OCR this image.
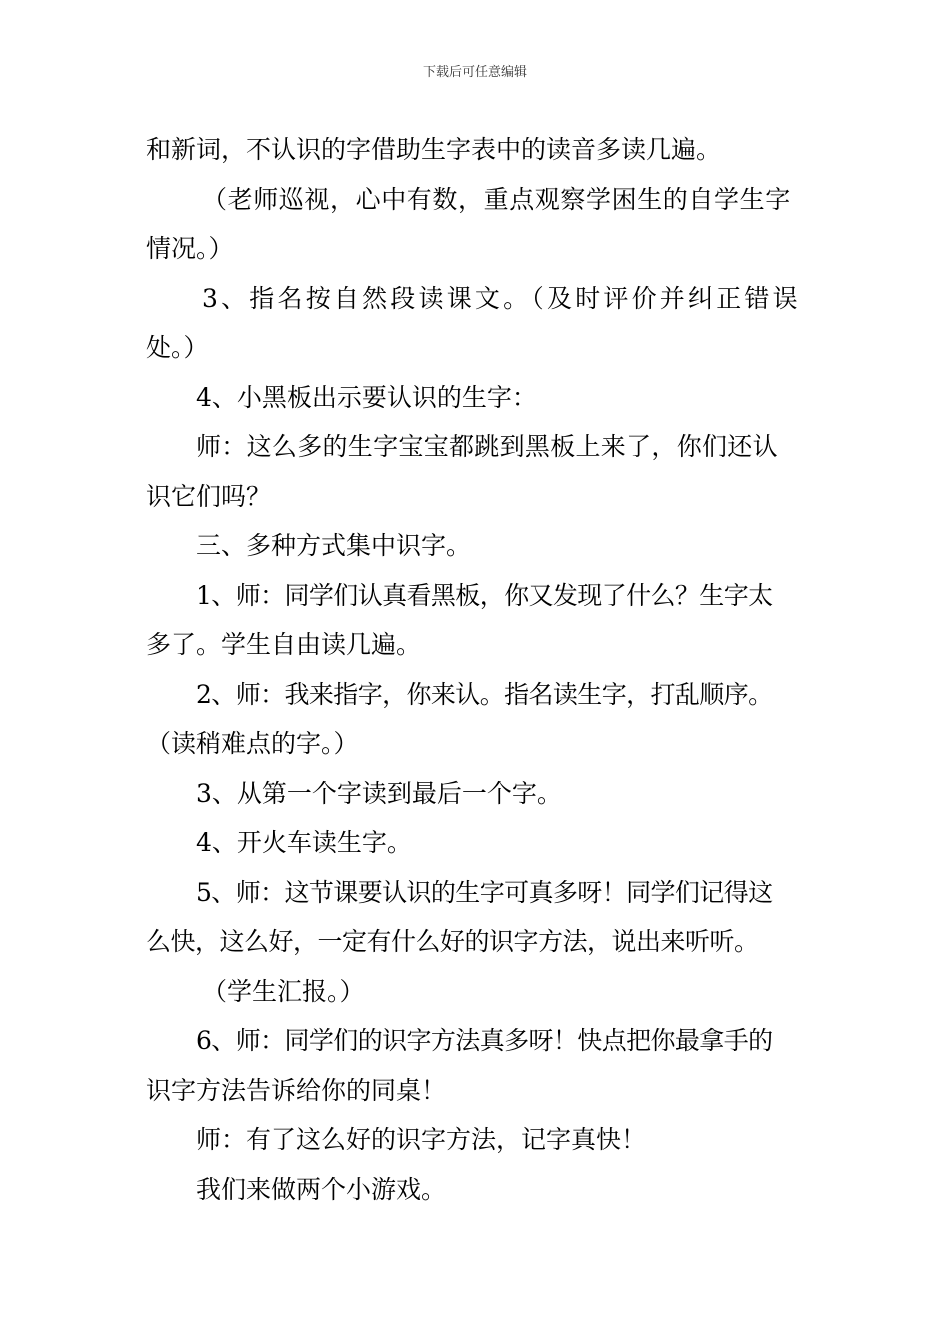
下载后可任意编辑

和新词，不认识的字借助生字表中的读音多读几遍。

（老师巡视，心中有数，重点观察学困生的自学生字

情况。）

3、指名按自然段读课文。（及时评价并纠正错误

处。）

4、小黑板出示要认识的生字：

师：这么多的生字宝宝都跳到黑板上来了，你们还认

识它们吗？

三、多种方式集中识字。

1、师：同学们认真看黑板，你又发现了什么？生字太

多了。学生自由读几遍。

2、师：我来指字，你来认。指名读生字，打乱顺序。

（读稍难点的字。）

3、从第一个字读到最后一个字。

4、开火车读生字。

5、师：这节课要认识的生字可真多呀！同学们记得这

么快，这么好，一定有什么好的识字方法，说出来听听。

（学生汇报。）

6、师：同学们的识字方法真多呀！快点把你最拿手的

识字方法告诉给你的同桌！

师：有了这么好的识字方法，记字真快！

我们来做两个小游戏。
